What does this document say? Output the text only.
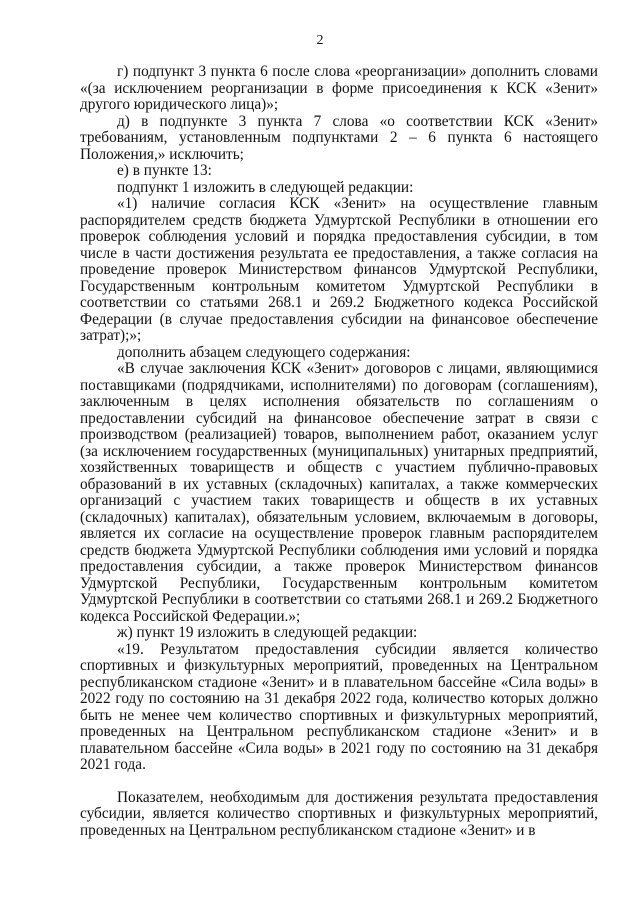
2

г) подпункт 3 пункта 6 после слова «реорганизации» дополнить словами «(за исключением реорганизации в форме присоединения к КСК «Зенит» другого юридического лица)»;

д) в подпункте 3 пункта 7 слова «о соответствии КСК «Зенит» требованиям, установленным подпунктами 2 – 6 пункта 6 настоящего Положения,» исключить;

е) в пункте 13:

подпункт 1 изложить в следующей редакции:

«1) наличие согласия КСК «Зенит» на осуществление главным распорядителем средств бюджета Удмуртской Республики в отношении его проверок соблюдения условий и порядка предоставления субсидии, в том числе в части достижения результата ее предоставления, а также согласия на проведение проверок Министерством финансов Удмуртской Республики, Государственным контрольным комитетом Удмуртской Республики в соответствии со статьями 268.1 и 269.2 Бюджетного кодекса Российской Федерации (в случае предоставления субсидии на финансовое обеспечение затрат);»;

дополнить абзацем следующего содержания:

«В случае заключения КСК «Зенит» договоров с лицами, являющимися поставщиками (подрядчиками, исполнителями) по договорам (соглашениям), заключенным в целях исполнения обязательств по соглашениям о предоставлении субсидий на финансовое обеспечение затрат в связи с производством (реализацией) товаров, выполнением работ, оказанием услуг (за исключением государственных (муниципальных) унитарных предприятий, хозяйственных товариществ и обществ с участием публично-правовых образований в их уставных (складочных) капиталах, а также коммерческих организаций с участием таких товариществ и обществ в их уставных (складочных) капиталах), обязательным условием, включаемым в договоры, является их согласие на осуществление проверок главным распорядителем средств бюджета Удмуртской Республики соблюдения ими условий и порядка предоставления субсидии, а также проверок Министерством финансов Удмуртской Республики, Государственным контрольным комитетом Удмуртской Республики в соответствии со статьями 268.1 и 269.2 Бюджетного кодекса Российской Федерации.»;

ж) пункт 19 изложить в следующей редакции:

«19. Результатом предоставления субсидии является количество спортивных и физкультурных мероприятий, проведенных на Центральном республиканском стадионе «Зенит» и в плавательном бассейне «Сила воды» в 2022 году по состоянию на 31 декабря 2022 года, количество которых должно быть не менее чем количество спортивных и физкультурных мероприятий, проведенных на Центральном республиканском стадионе «Зенит» и в плавательном бассейне «Сила воды» в 2021 году по состоянию на 31 декабря 2021 года.

Показателем, необходимым для достижения результата предоставления субсидии, является количество спортивных и физкультурных мероприятий, проведенных на Центральном республиканском стадионе «Зенит» и в
